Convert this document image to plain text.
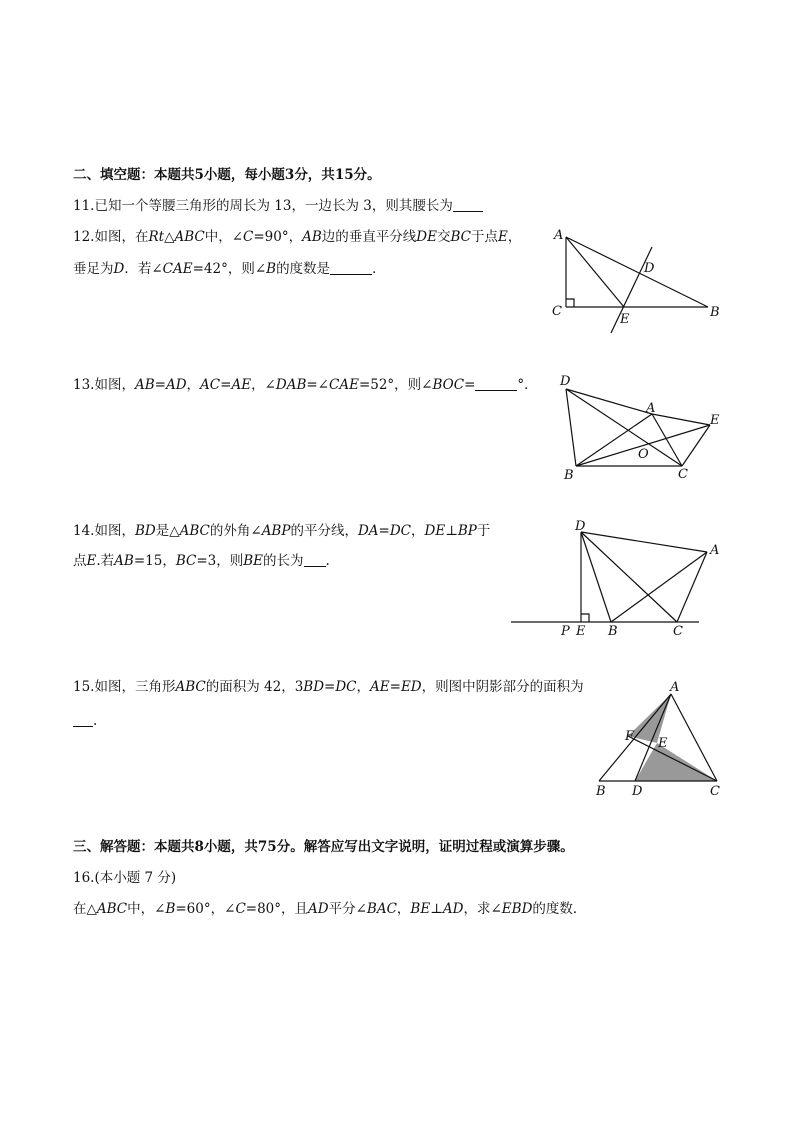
二、填空题：本题共5小题，每小题3分，共15分。
11.已知一个等腰三角形的周长为 13，一边长为 3，则其腰长为
12.如图，在Rt△ABC中，∠C=90°，AB边的垂直平分线DE交BC于点E，
垂足为D．若∠CAE=42°，则∠B的度数是	．
A
C	B
D
E
13.如图，AB=AD，AC=AE，∠DAB=∠CAE=52°，则∠BOC=	°． D
A
E
O
B	C
14.如图，BD是△ABC的外角∠ABP的平分线，DA=DC，DE⊥BP于
点E.若AB=15，BC=3，则BE的长为 .
D
A
P E B	C
15.如图，三角形ABC的面积为 42，3BD=DC，AE=ED，则图中阴影部分的面积为
.
A
F E
B D	C
三、解答题：本题共8小题，共75分。解答应写出文字说明，证明过程或演算步骤。
16.(本小题 7 分)
在△ABC中，∠B=60°，∠C=80°，且AD平分∠BAC，BE⊥AD，求∠EBD的度数．
